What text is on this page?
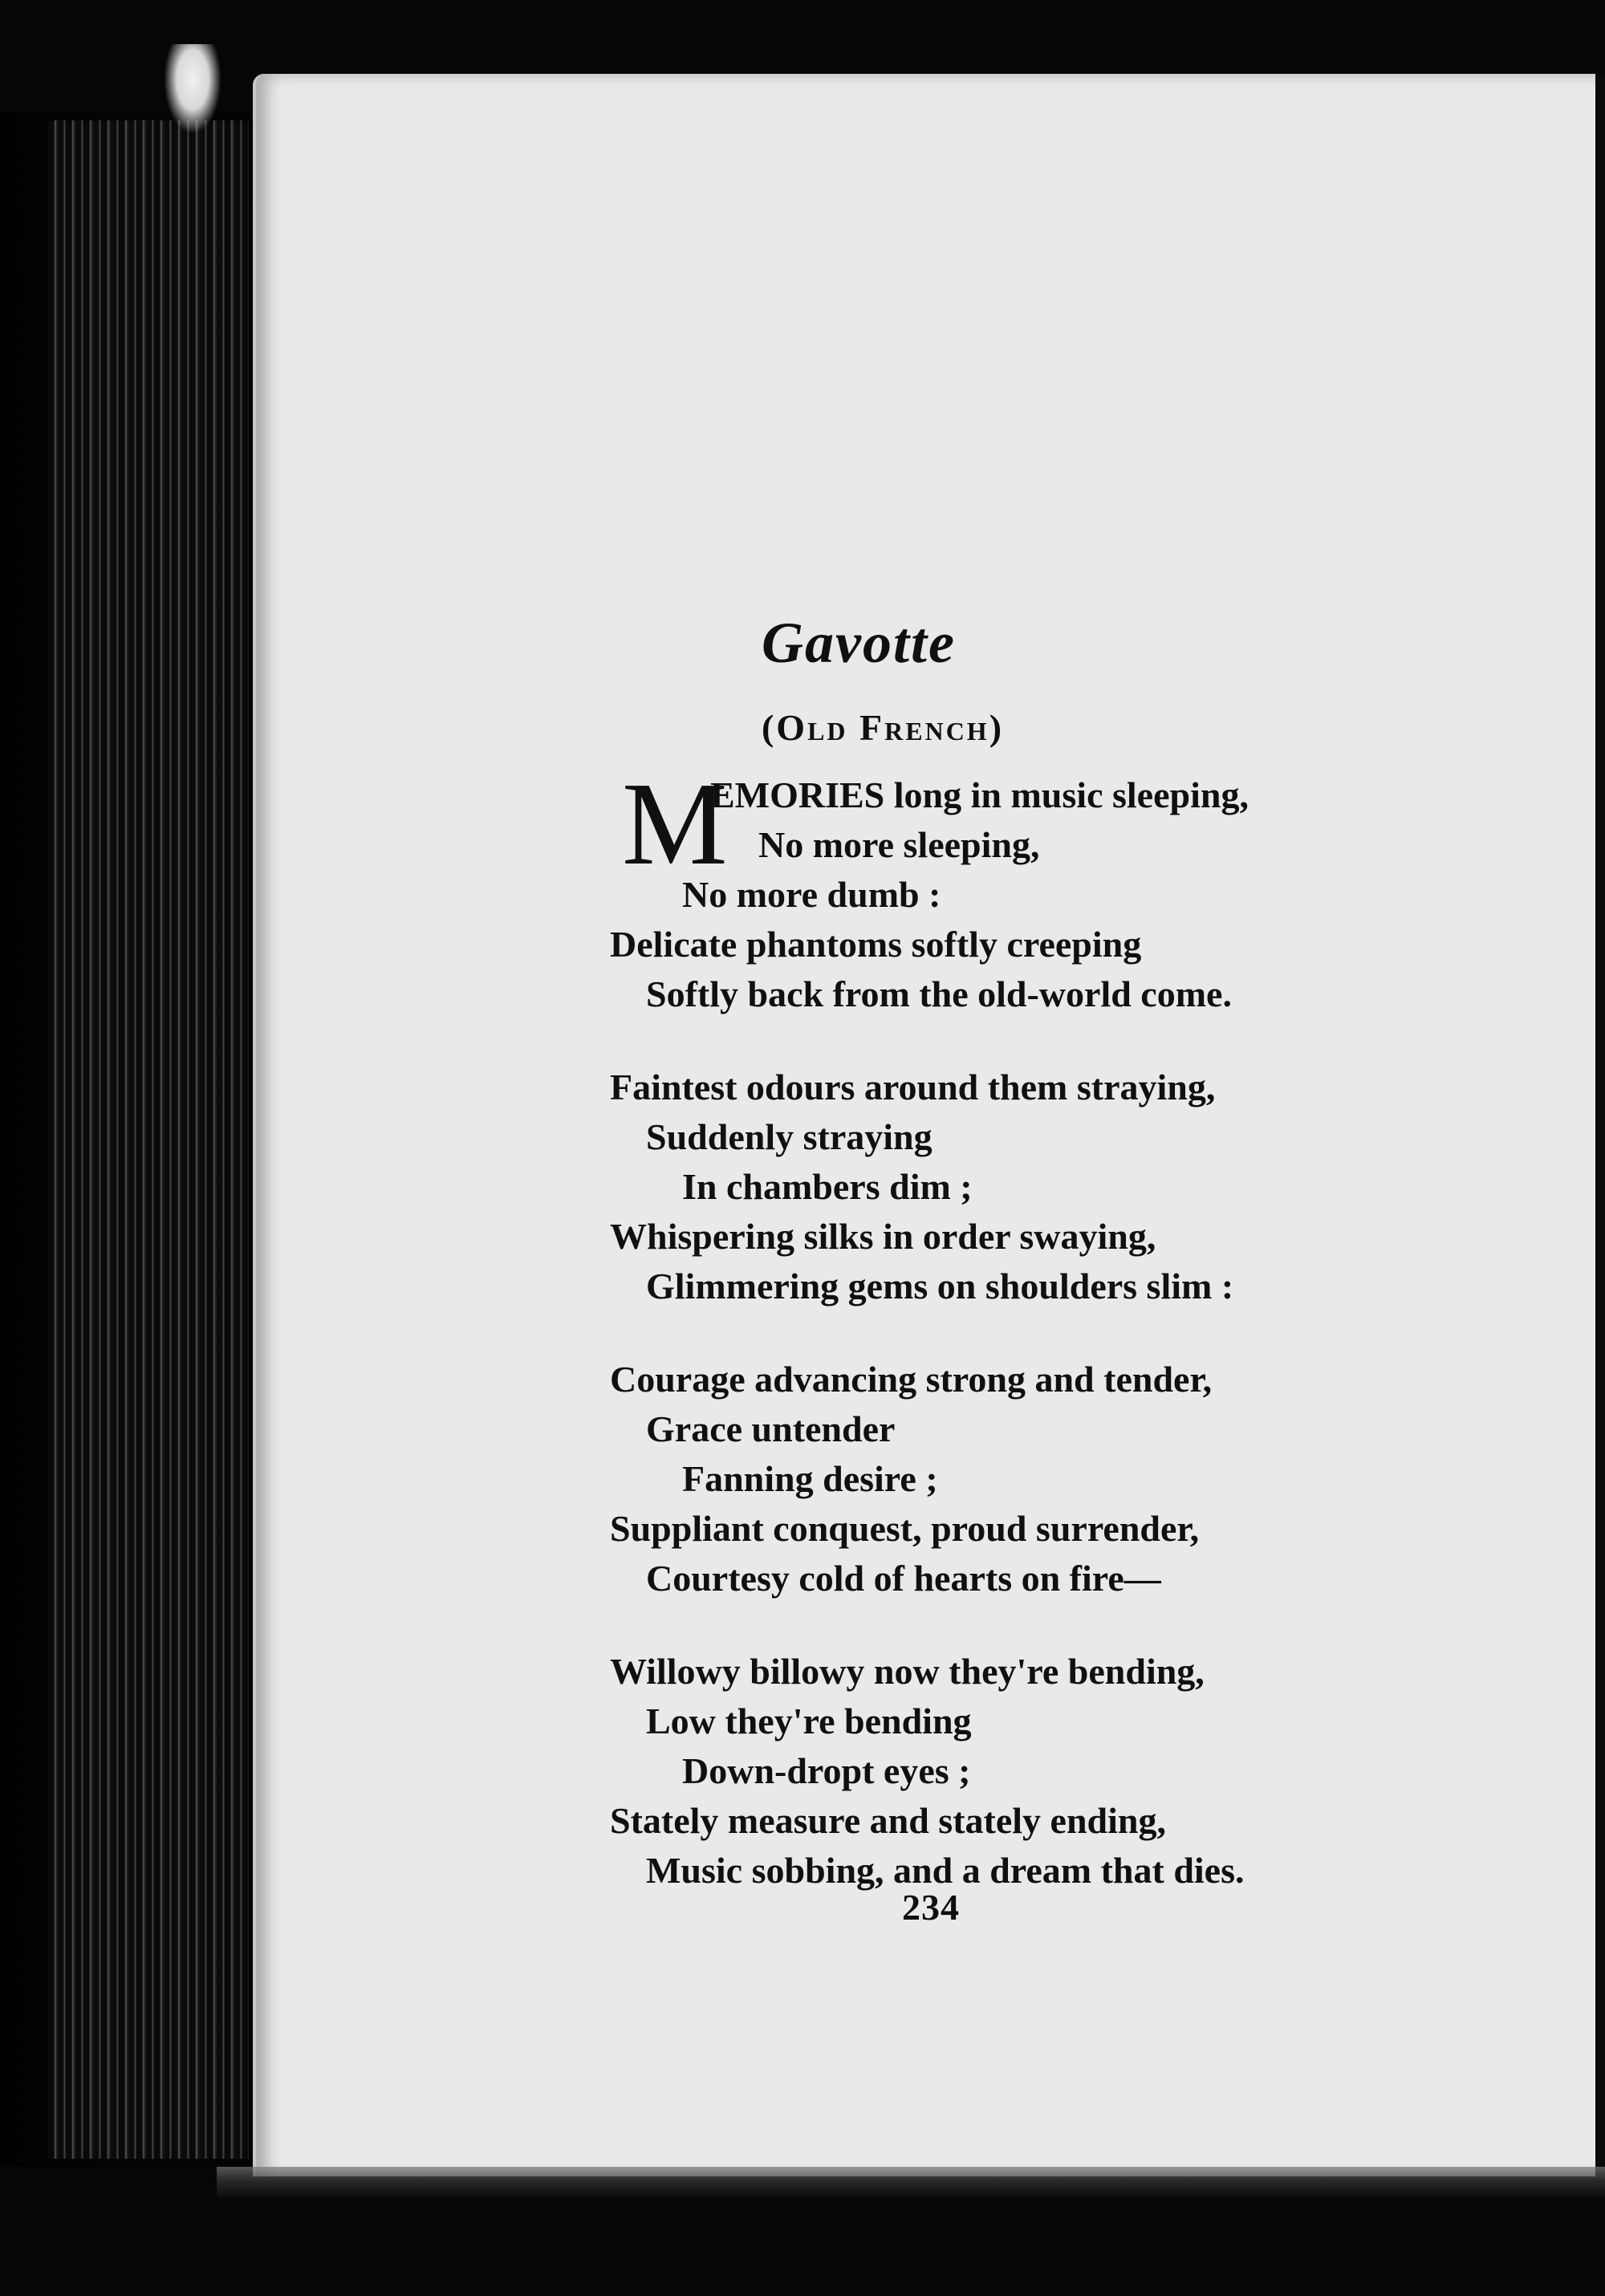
Gavotte
(Old French)
M
EMORIES long in music sleeping,
No more sleeping,
No more dumb :
Delicate phantoms softly creeping
Softly back from the old-world come.
Faintest odours around them straying,
Suddenly straying
In chambers dim ;
Whispering silks in order swaying,
Glimmering gems on shoulders slim :
Courage advancing strong and tender,
Grace untender
Fanning desire ;
Suppliant conquest, proud surrender,
Courtesy cold of hearts on fire—
Willowy billowy now they're bending,
Low they're bending
Down-dropt eyes ;
Stately measure and stately ending,
Music sobbing, and a dream that dies.
234
